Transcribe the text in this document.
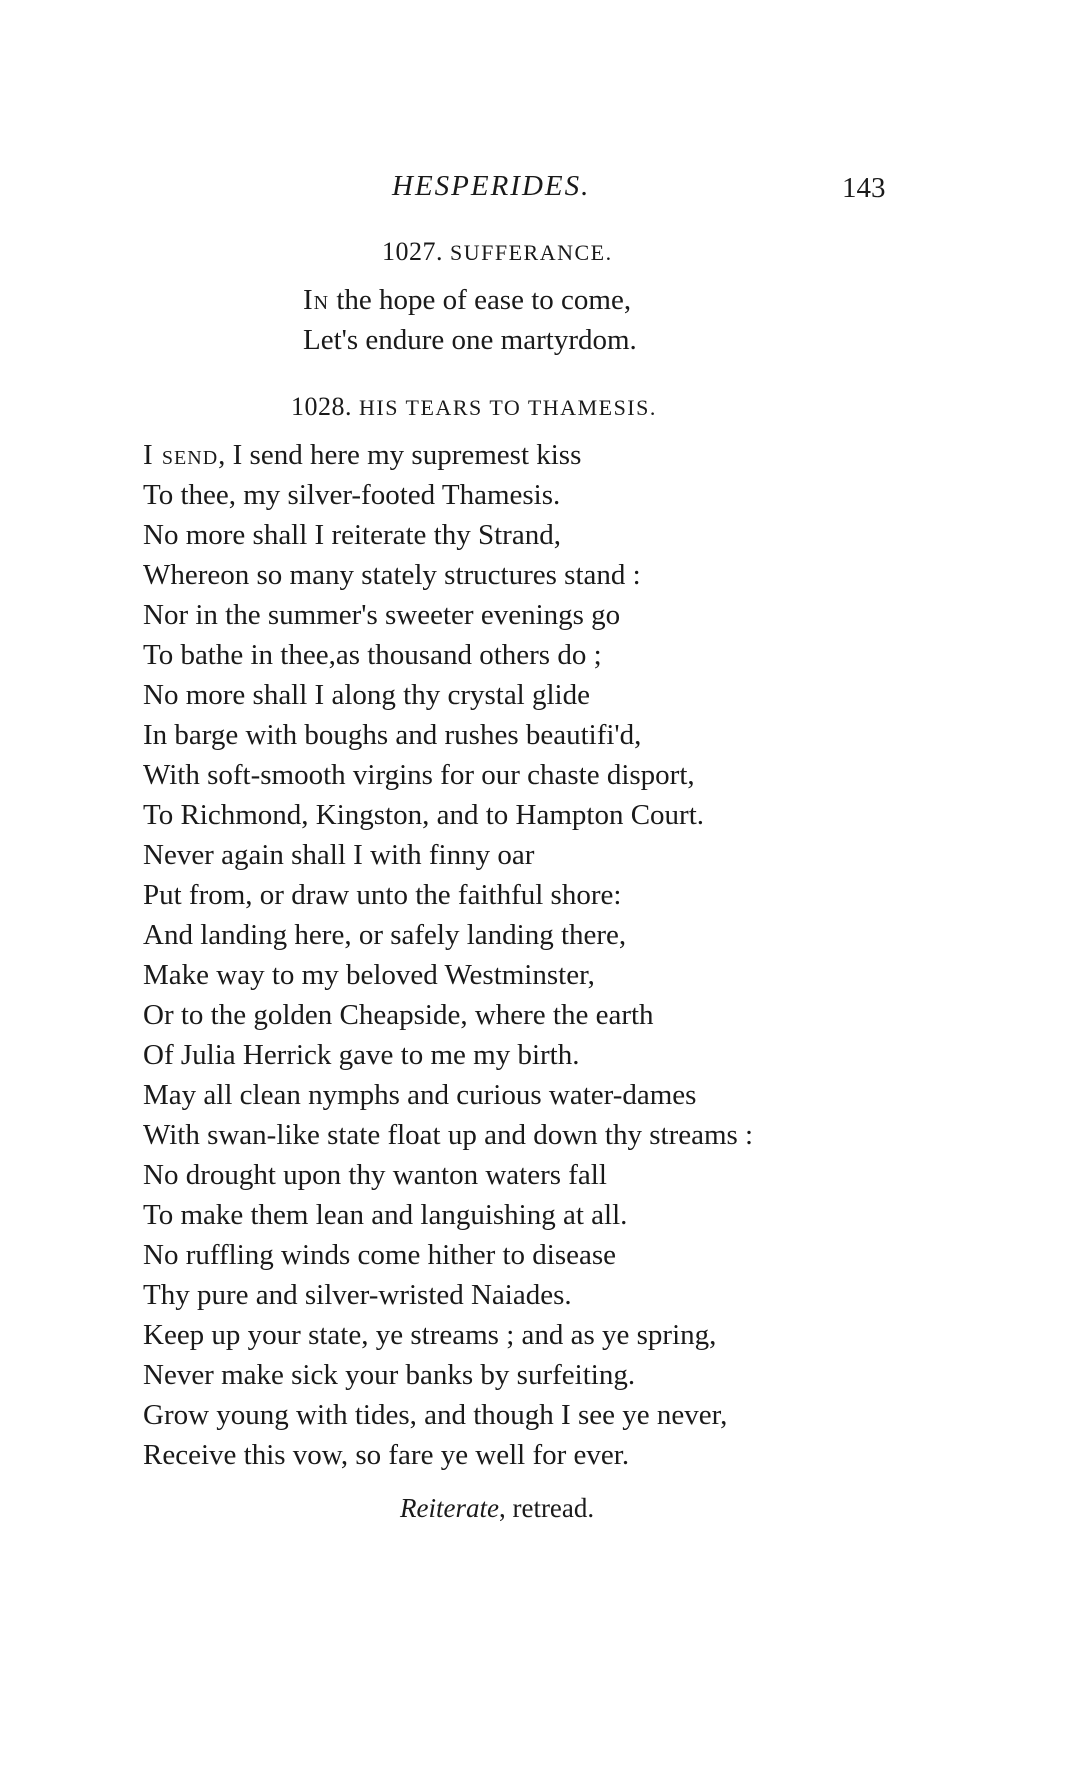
HESPERIDES.	143
1027. SUFFERANCE.
In the hope of ease to come,
Let's endure one martyrdom.
1028. HIS TEARS TO THAMESIS.
I send, I send here my supremest kiss
To thee, my silver-footed Thamesis.
No more shall I reiterate thy Strand,
Whereon so many stately structures stand :
Nor in the summer's sweeter evenings go
To bathe in thee,as thousand others do ;
No more shall I along thy crystal glide
In barge with boughs and rushes beautifi'd,
With soft-smooth virgins for our chaste disport,
To Richmond, Kingston, and to Hampton Court.
Never again shall I with finny oar
Put from, or draw unto the faithful shore:
And landing here, or safely landing there,
Make way to my beloved Westminster,
Or to the golden Cheapside, where the earth
Of Julia Herrick gave to me my birth.
May all clean nymphs and curious water-dames
With swan-like state float up and down thy streams :
No drought upon thy wanton waters fall
To make them lean and languishing at all.
No ruffling winds come hither to disease
Thy pure and silver-wristed Naiades.
Keep up your state, ye streams ; and as ye spring,
Never make sick your banks by surfeiting.
Grow young with tides, and though I see ye never,
Receive this vow, so fare ye well for ever.
Reiterate, retread.
